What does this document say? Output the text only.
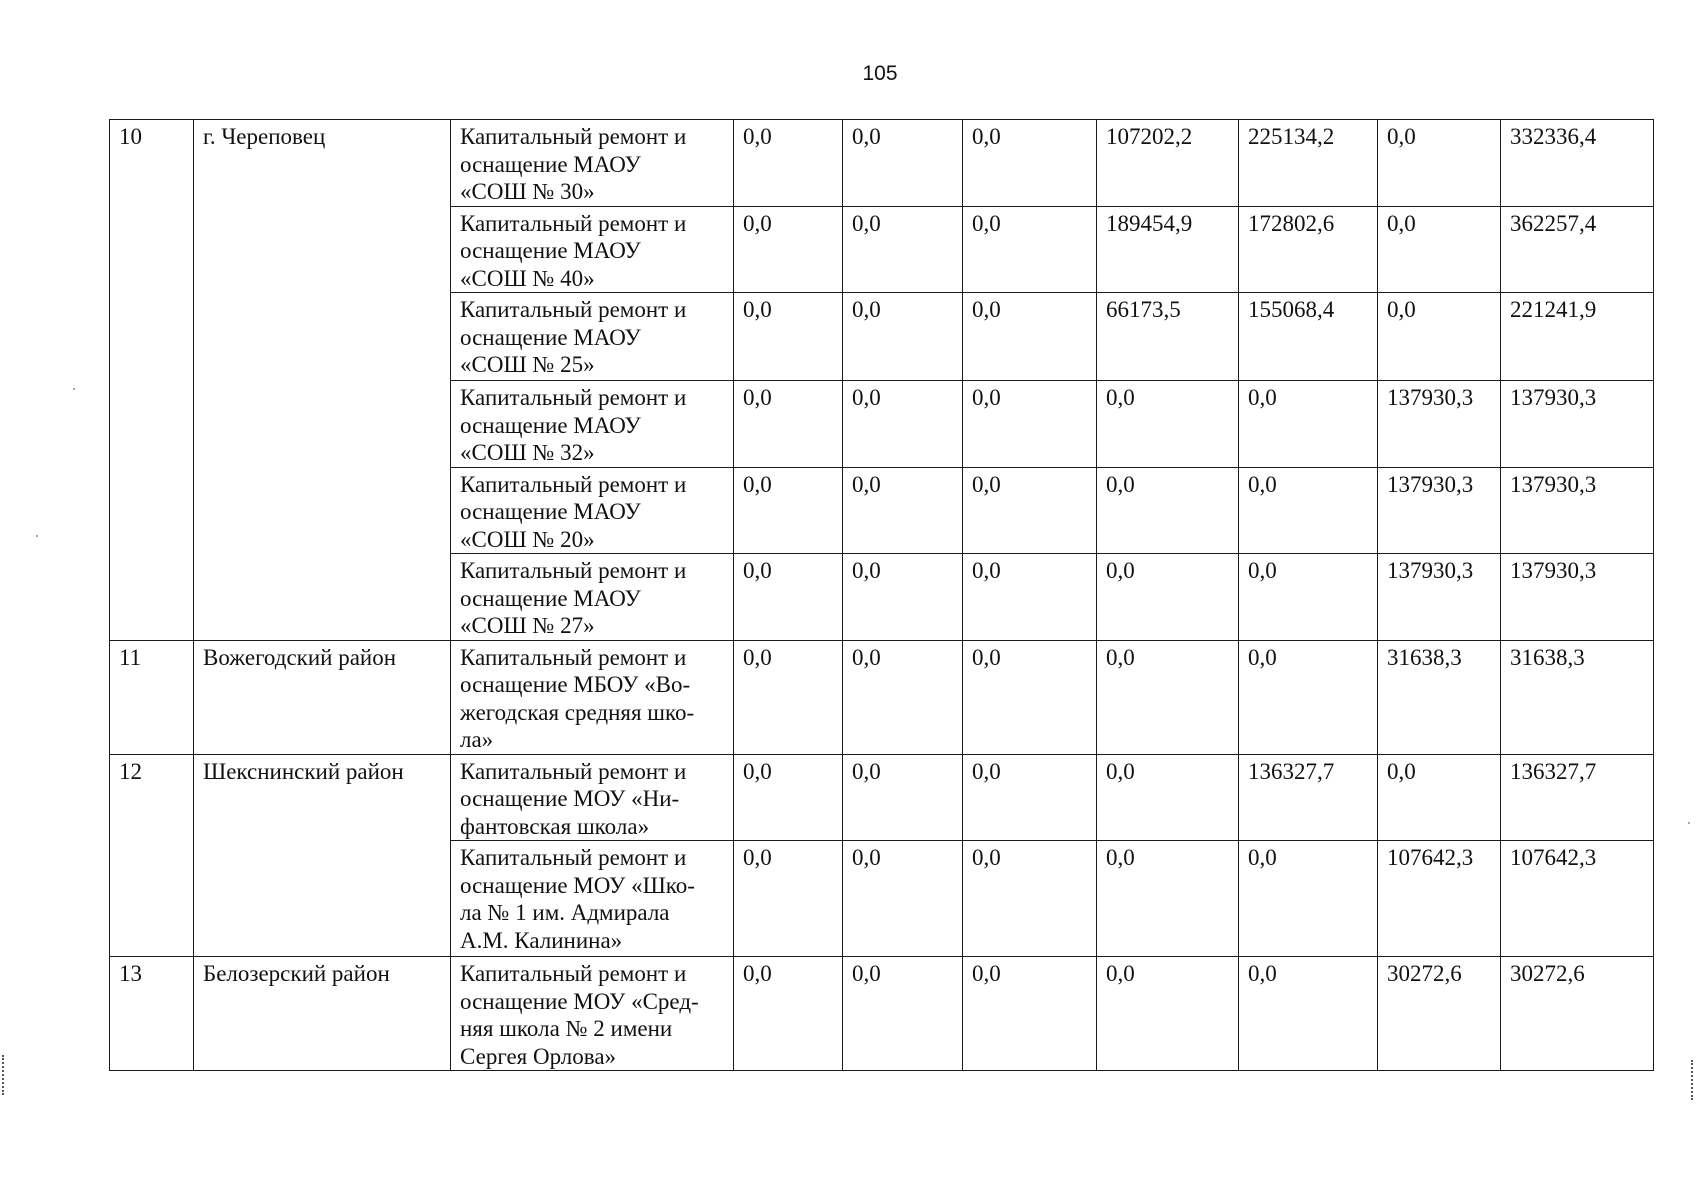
105
10	г. Череповец	Капитальный ремонт и
оснащение МАОУ
«СОШ № 30»	0,0	0,0	0,0	107202,2	225134,2	0,0	332336,4
		Капитальный ремонт и
оснащение МАОУ
«СОШ № 40»	0,0	0,0	0,0	189454,9	172802,6	0,0	362257,4
		Капитальный ремонт и
оснащение МАОУ
«СОШ № 25»	0,0	0,0	0,0	66173,5	155068,4	0,0	221241,9
		Капитальный ремонт и
оснащение МАОУ
«СОШ № 32»	0,0	0,0	0,0	0,0	0,0	137930,3	137930,3
		Капитальный ремонт и
оснащение МАОУ
«СОШ № 20»	0,0	0,0	0,0	0,0	0,0	137930,3	137930,3
		Капитальный ремонт и
оснащение МАОУ
«СОШ № 27»	0,0	0,0	0,0	0,0	0,0	137930,3	137930,3
11	Вожегодский район	Капитальный ремонт и
оснащение МБОУ «Во-
жегодская средняя шко-
ла»	0,0	0,0	0,0	0,0	0,0	31638,3	31638,3
12	Шекснинский район	Капитальный ремонт и
оснащение МОУ «Ни-
фантовская школа»	0,0	0,0	0,0	0,0	136327,7	0,0	136327,7
		Капитальный ремонт и
оснащение МОУ «Шко-
ла № 1 им. Адмирала
А.М. Калинина»	0,0	0,0	0,0	0,0	0,0	107642,3	107642,3
13	Белозерский район	Капитальный ремонт и
оснащение МОУ «Сред-
няя школа № 2 имени
Сергея Орлова»	0,0	0,0	0,0	0,0	0,0	30272,6	30272,6
